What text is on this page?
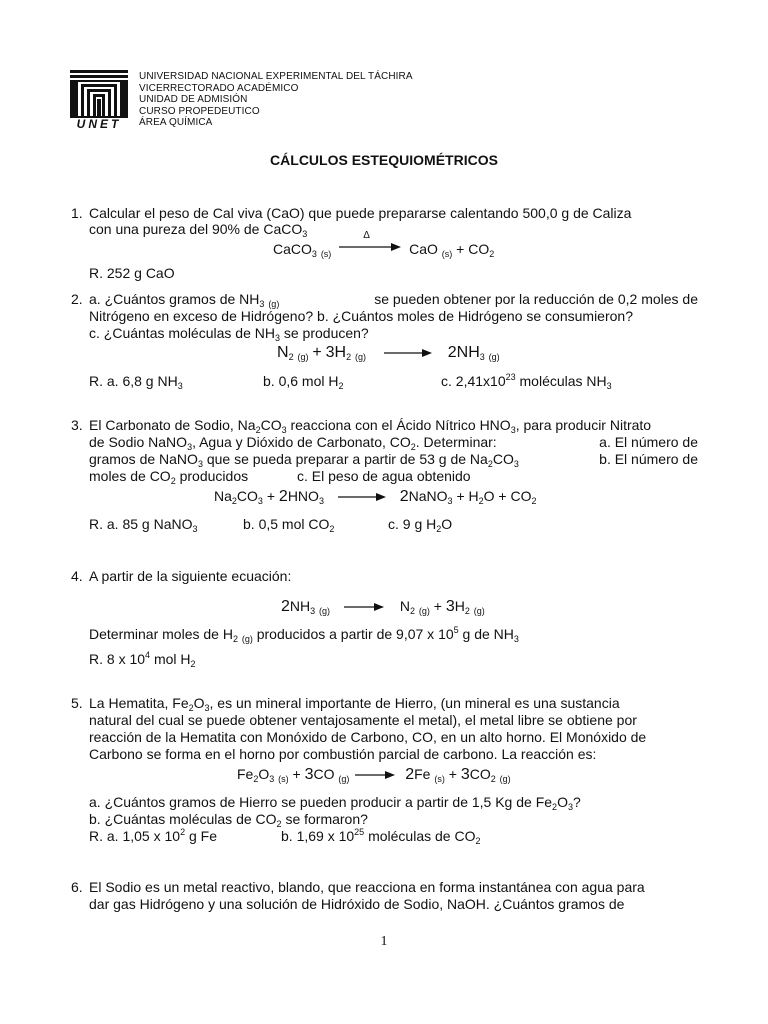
UNET
UNIVERSIDAD NACIONAL EXPERIMENTAL DEL TÁCHIRA
VICERRECTORADO ACADÉMICO
UNIDAD DE ADMISIÓN
CURSO PROPEDEUTICO
ÁREA QUÍMICA
CÁLCULOS ESTEQUIOMÉTRICOS
1. Calcular el peso de Cal viva (CaO) que puede prepararse calentando 500,0 g de Caliza
con una pureza del 90% de CaCO$_3$
CaCO$_3$ $_{(s)}$
Δ
CaO $_{(s)} + CO_2$
R. 252 g CaO
2. a. ¿Cuántos gramos de $NH_3$ $_{(g)}$	se pueden obtener por la reducción de 0,2 moles de
Nitrógeno en exceso de Hidrógeno? b. ¿Cuántos moles de Hidrógeno se consumieron?
c. ¿Cuántas moléculas de $NH_3$ se producen?
$N_2$ $_{(g)} + 3H_2$ $_{(g)} \to 2NH_3$ $_{(g)}$
R. a. 6,8 g $NH_3$	b. 0,6 mol $H_2$	c. $2,41x10^{23}$ moléculas $NH_3$
3. El Carbonato de Sodio, $Na_2CO_3$ reacciona con el Ácido Nítrico $HNO_3$, para producir Nitrato
de Sodio NaNO$_3$, Agua y Dióxido de Carbonato, $CO_2$. Determinar:	a. El número de
gramos de NaNO$_3$ que se pueda preparar a partir de 53 g de $Na_2CO_3$	b. El número de
moles de $CO_2$ producidos	c. El peso de agua obtenido
$Na_2CO_3 + 2HNO_3$ → 2NaNO$_3$ + $H_2O + CO_2$
R. a. 85 g NaNO$_3$	b. 0,5 mol $CO_2$	c. 9 g $H_2O$
4. A partir de la siguiente ecuación:
$2NH_3$ $_{(g)} \to N_2$ $_{(g)} + 3H_2$ $_{(g)}$
Determinar moles de $H_2$ $_{(g)}$ producidos a partir de 9,07 x $10^5$ g de $NH_3$
R. 8 x $10^4$ mol $H_2$
5. La Hematita, $Fe_2O_3$, es un mineral importante de Hierro, (un mineral es una sustancia
natural del cual se puede obtener ventajosamente el metal), el metal libre se obtiene por
reacción de la Hematita con Monóxido de Carbono, CO, en un alto horno. El Monóxido de
Carbono se forma en el horno por combustión parcial de carbono. La reacción es:
$Fe_2O_3$ $_{(s)}$ + 3CO $_{(g)}$ → 2Fe $_{(s)} + 3CO_2$ $_{(g)}$
a. ¿Cuántos gramos de Hierro se pueden producir a partir de 1,5 Kg de $Fe_2O_3$?
b. ¿Cuántas moléculas de $CO_2$ se formaron?
R. a. 1,05 x $10^2$ g Fe	b. 1,69 x $10^{25}$ moléculas de $CO_2$
6. El Sodio es un metal reactivo, blando, que reacciona en forma instantánea con agua para
dar gas Hidrógeno y una solución de Hidróxido de Sodio, NaOH. ¿Cuántos gramos de
1
